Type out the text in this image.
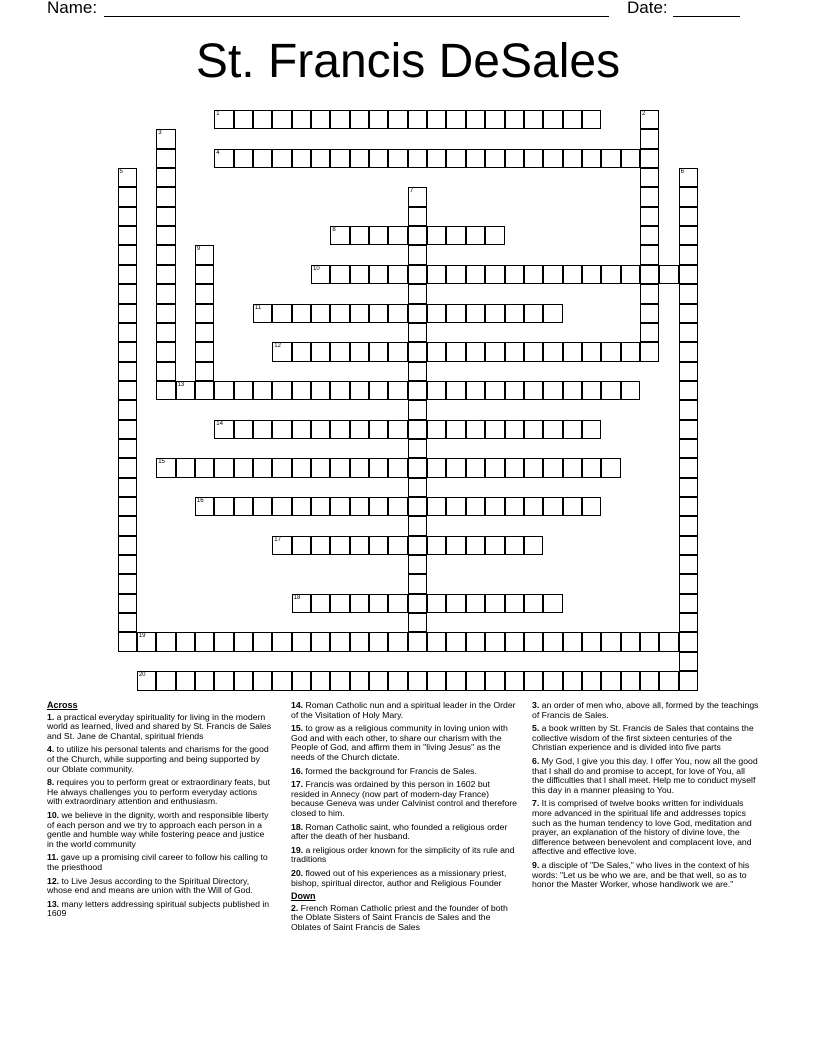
Name:	Date:
St. Francis DeSales
1	2
3
4
5	6
7
8
9
10
11
12
13
14
15
16
17
18
19
20
Across
1. a practical everyday spirituality for living in the modern world as learned, lived and shared by St. Francis de Sales and St. Jane de Chantal, spiritual friends
4. to utilize his personal talents and charisms for the good of the Church, while supporting and being supported by our Oblate community.
8. requires you to perform great or extraordinary feats, but He always challenges you to perform everyday actions with extraordinary attention and enthusiasm.
10. we believe in the dignity, worth and responsible liberty of each person and we try to approach each person in a gentle and humble way while fostering peace and justice in the world community
11. gave up a promising civil career to follow his calling to the priesthood
12. to Live Jesus according to the Spiritual Directory, whose end and means are union with the Will of God.
13. many letters addressing spiritual subjects published in 1609
14. Roman Catholic nun and a spiritual leader in the Order of the Visitation of Holy Mary.
15. to grow as a religious community in loving union with God and with each other, to share our charism with the People of God, and affirm them in "living Jesus" as the needs of the Church dictate.
16. formed the background for Francis de Sales.
17. Francis was ordained by this person in 1602 but resided in Annecy (now part of modern-day France) because Geneva was under Calvinist control and therefore closed to him.
18. Roman Catholic saint, who founded a religious order after the death of her husband.
19. a religious order known for the simplicity of its rule and traditions
20. flowed out of his experiences as a missionary priest, bishop, spiritual director, author and Religious Founder
Down
2. French Roman Catholic priest and the founder of both the Oblate Sisters of Saint Francis de Sales and the Oblates of Saint Francis de Sales
3. an order of men who, above all, formed by the teachings of Francis de Sales.
5. a book written by St. Francis de Sales that contains the collective wisdom of the first sixteen centuries of the Christian experience and is divided into five parts
6. My God, I give you this day. I offer You, now all the good that I shall do and promise to accept, for love of You, all the difficulties that I shall meet. Help me to conduct myself this day in a manner pleasing to You.
7. It is comprised of twelve books written for individuals more advanced in the spiritual life and addresses topics such as the human tendency to love God, meditation and prayer, an explanation of the history of divine love, the difference between benevolent and complacent love, and affective and effective love.
9. a disciple of "De Sales," who lives in the context of his words: "Let us be who we are, and be that well, so as to honor the Master Worker, whose handiwork we are."
